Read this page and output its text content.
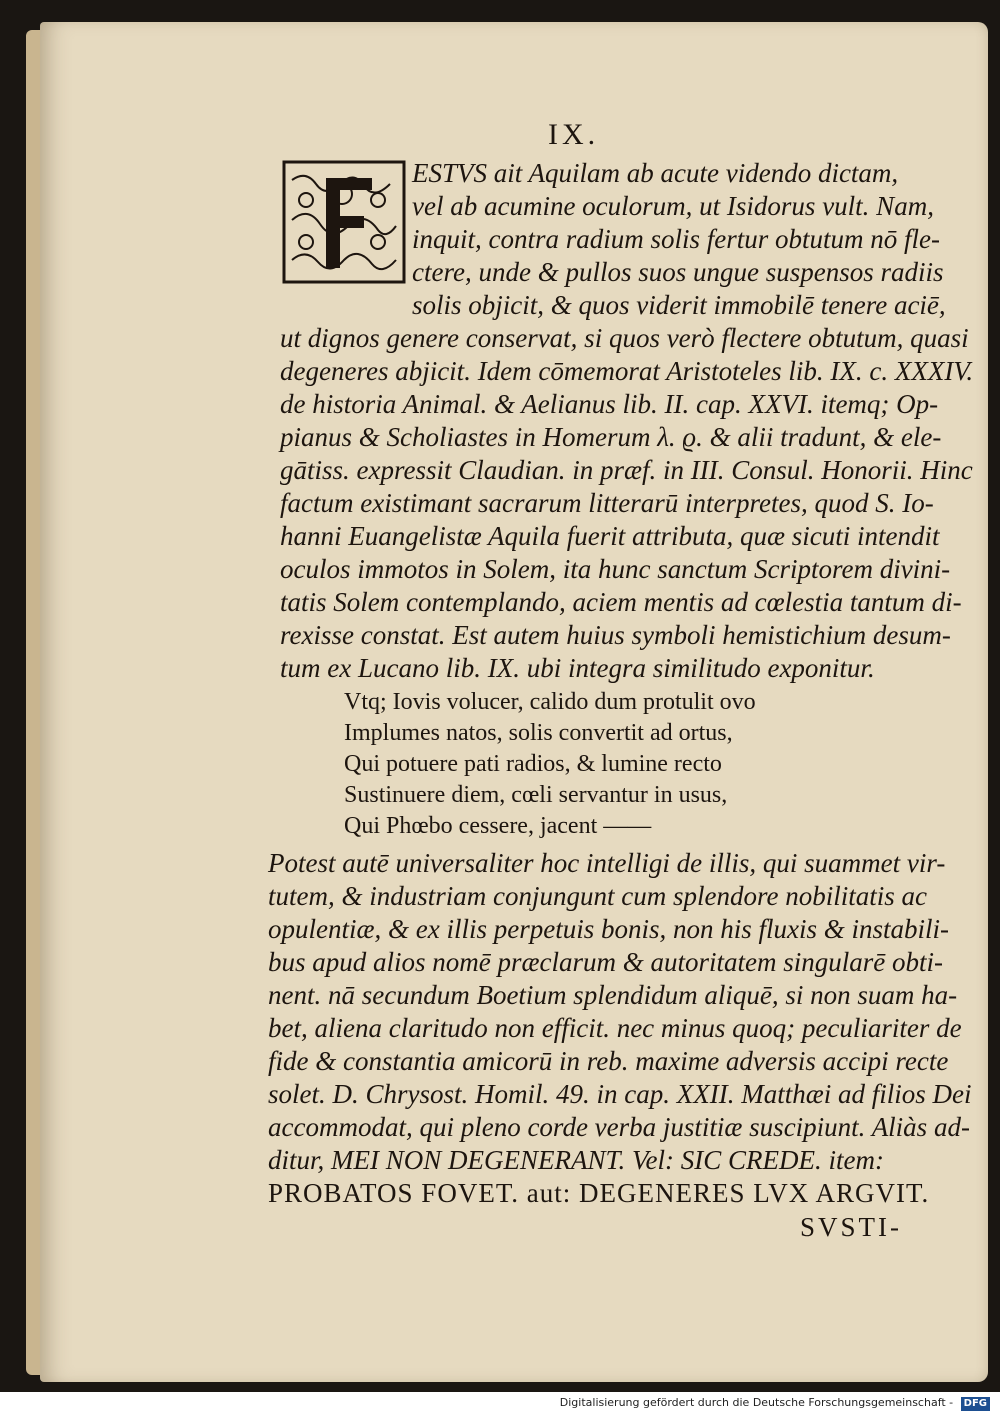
IX.
ESTVS ait Aquilam ab acute videndo dictam,
vel ab acumine oculorum, ut Isidorus vult. Nam,
inquit, contra radium solis fertur obtutum nō fle-
ctere, unde & pullos suos ungue suspensos radiis
solis objicit, & quos viderit immobilē tenere aciē,
ut dignos genere conservat, si quos verò flectere obtutum, quasi
degeneres abjicit. Idem cōmemorat Aristoteles lib. IX. c. XXXIV.
de historia Animal. & Aelianus lib. II. cap. XXVI. itemq; Op-
pianus & Scholiastes in Homerum λ. ϱ. & alii tradunt, & ele-
gātiss. expressit Claudian. in præf. in III. Consul. Honorii. Hinc
factum existimant sacrarum litterarū interpretes, quod S. Io-
hanni Euangelistæ Aquila fuerit attributa, quæ sicuti intendit
oculos immotos in Solem, ita hunc sanctum Scriptorem divini-
tatis Solem contemplando, aciem mentis ad cœlestia tantum di-
rexisse constat. Est autem huius symboli hemistichium desum-
tum ex Lucano lib. IX. ubi integra similitudo exponitur.
Vtq; Iovis volucer, calido dum protulit ovo
Implumes natos, solis convertit ad ortus,
Qui potuere pati radios, & lumine recto
Sustinuere diem, cœli servantur in usus,
Qui Phœbo cessere, jacent ——
Potest autē universaliter hoc intelligi de illis, qui suammet vir-
tutem, & industriam conjungunt cum splendore nobilitatis ac
opulentiæ, & ex illis perpetuis bonis, non his fluxis & instabili-
bus apud alios nomē præclarum & autoritatem singularē obti-
nent. nā secundum Boetium splendidum aliquē, si non suam ha-
bet, aliena claritudo non efficit. nec minus quoq; peculiariter de
fide & constantia amicorū in reb. maxime adversis accipi recte
solet. D. Chrysost. Homil. 49. in cap. XXII. Matthæi ad filios Dei
accommodat, qui pleno corde verba justitiæ suscipiunt. Aliàs ad-
ditur, MEI NON DEGENERANT. Vel: SIC CREDE. item:
PROBATOS FOVET. aut: DEGENERES LVX ARGVIT.
SVSTI-
Digitalisierung gefördert durch die Deutsche Forschungsgemeinschaft - DFG
